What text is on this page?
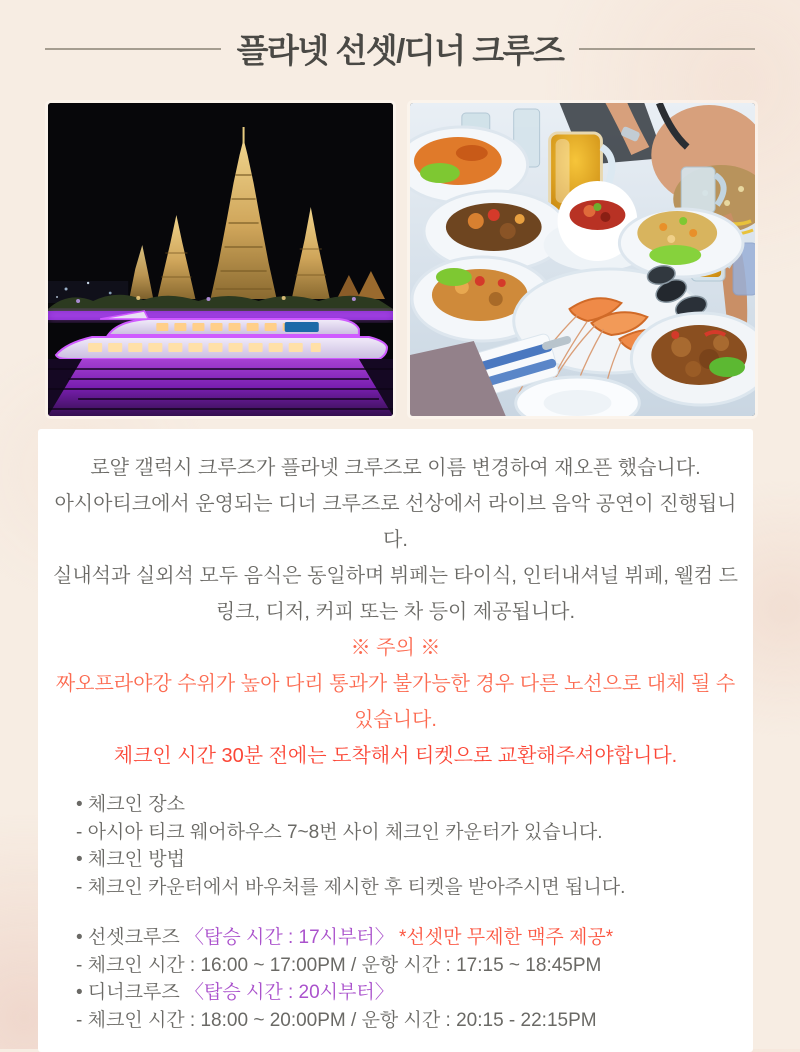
플라넷 선셋/디너 크루즈

로얄 갤럭시 크루즈가 플라넷 크루즈로 이름 변경하여 재오픈 했습니다.

아시아티크에서 운영되는 디너 크루즈로 선상에서 라이브 음악 공연이 진행됩니다.

실내석과 실외석 모두 음식은 동일하며 뷔페는 타이식, 인터내셔널 뷔페, 웰컴 드링크, 디저, 커피 또는 차 등이 제공됩니다.

※ 주의 ※

짜오프라야강 수위가 높아 다리 통과가 불가능한 경우 다른 노선으로 대체 될 수 있습니다.

체크인 시간 30분 전에는 도착해서 티켓으로 교환해주셔야합니다.

• 체크인 장소

- 아시아 티크 웨어하우스 7~8번 사이 체크인 카운터가 있습니다.

• 체크인 방법

- 체크인 카운터에서 바우처를 제시한 후 티켓을 받아주시면 됩니다.

• 선셋크루즈 〈탑승 시간 : 17시부터〉 *선셋만 무제한 맥주 제공*

- 체크인 시간 : 16:00 ~ 17:00PM / 운항 시간 : 17:15 ~ 18:45PM

• 디너크루즈 〈탑승 시간 : 20시부터〉

- 체크인 시간 : 18:00 ~ 20:00PM / 운항 시간 : 20:15 - 22:15PM
